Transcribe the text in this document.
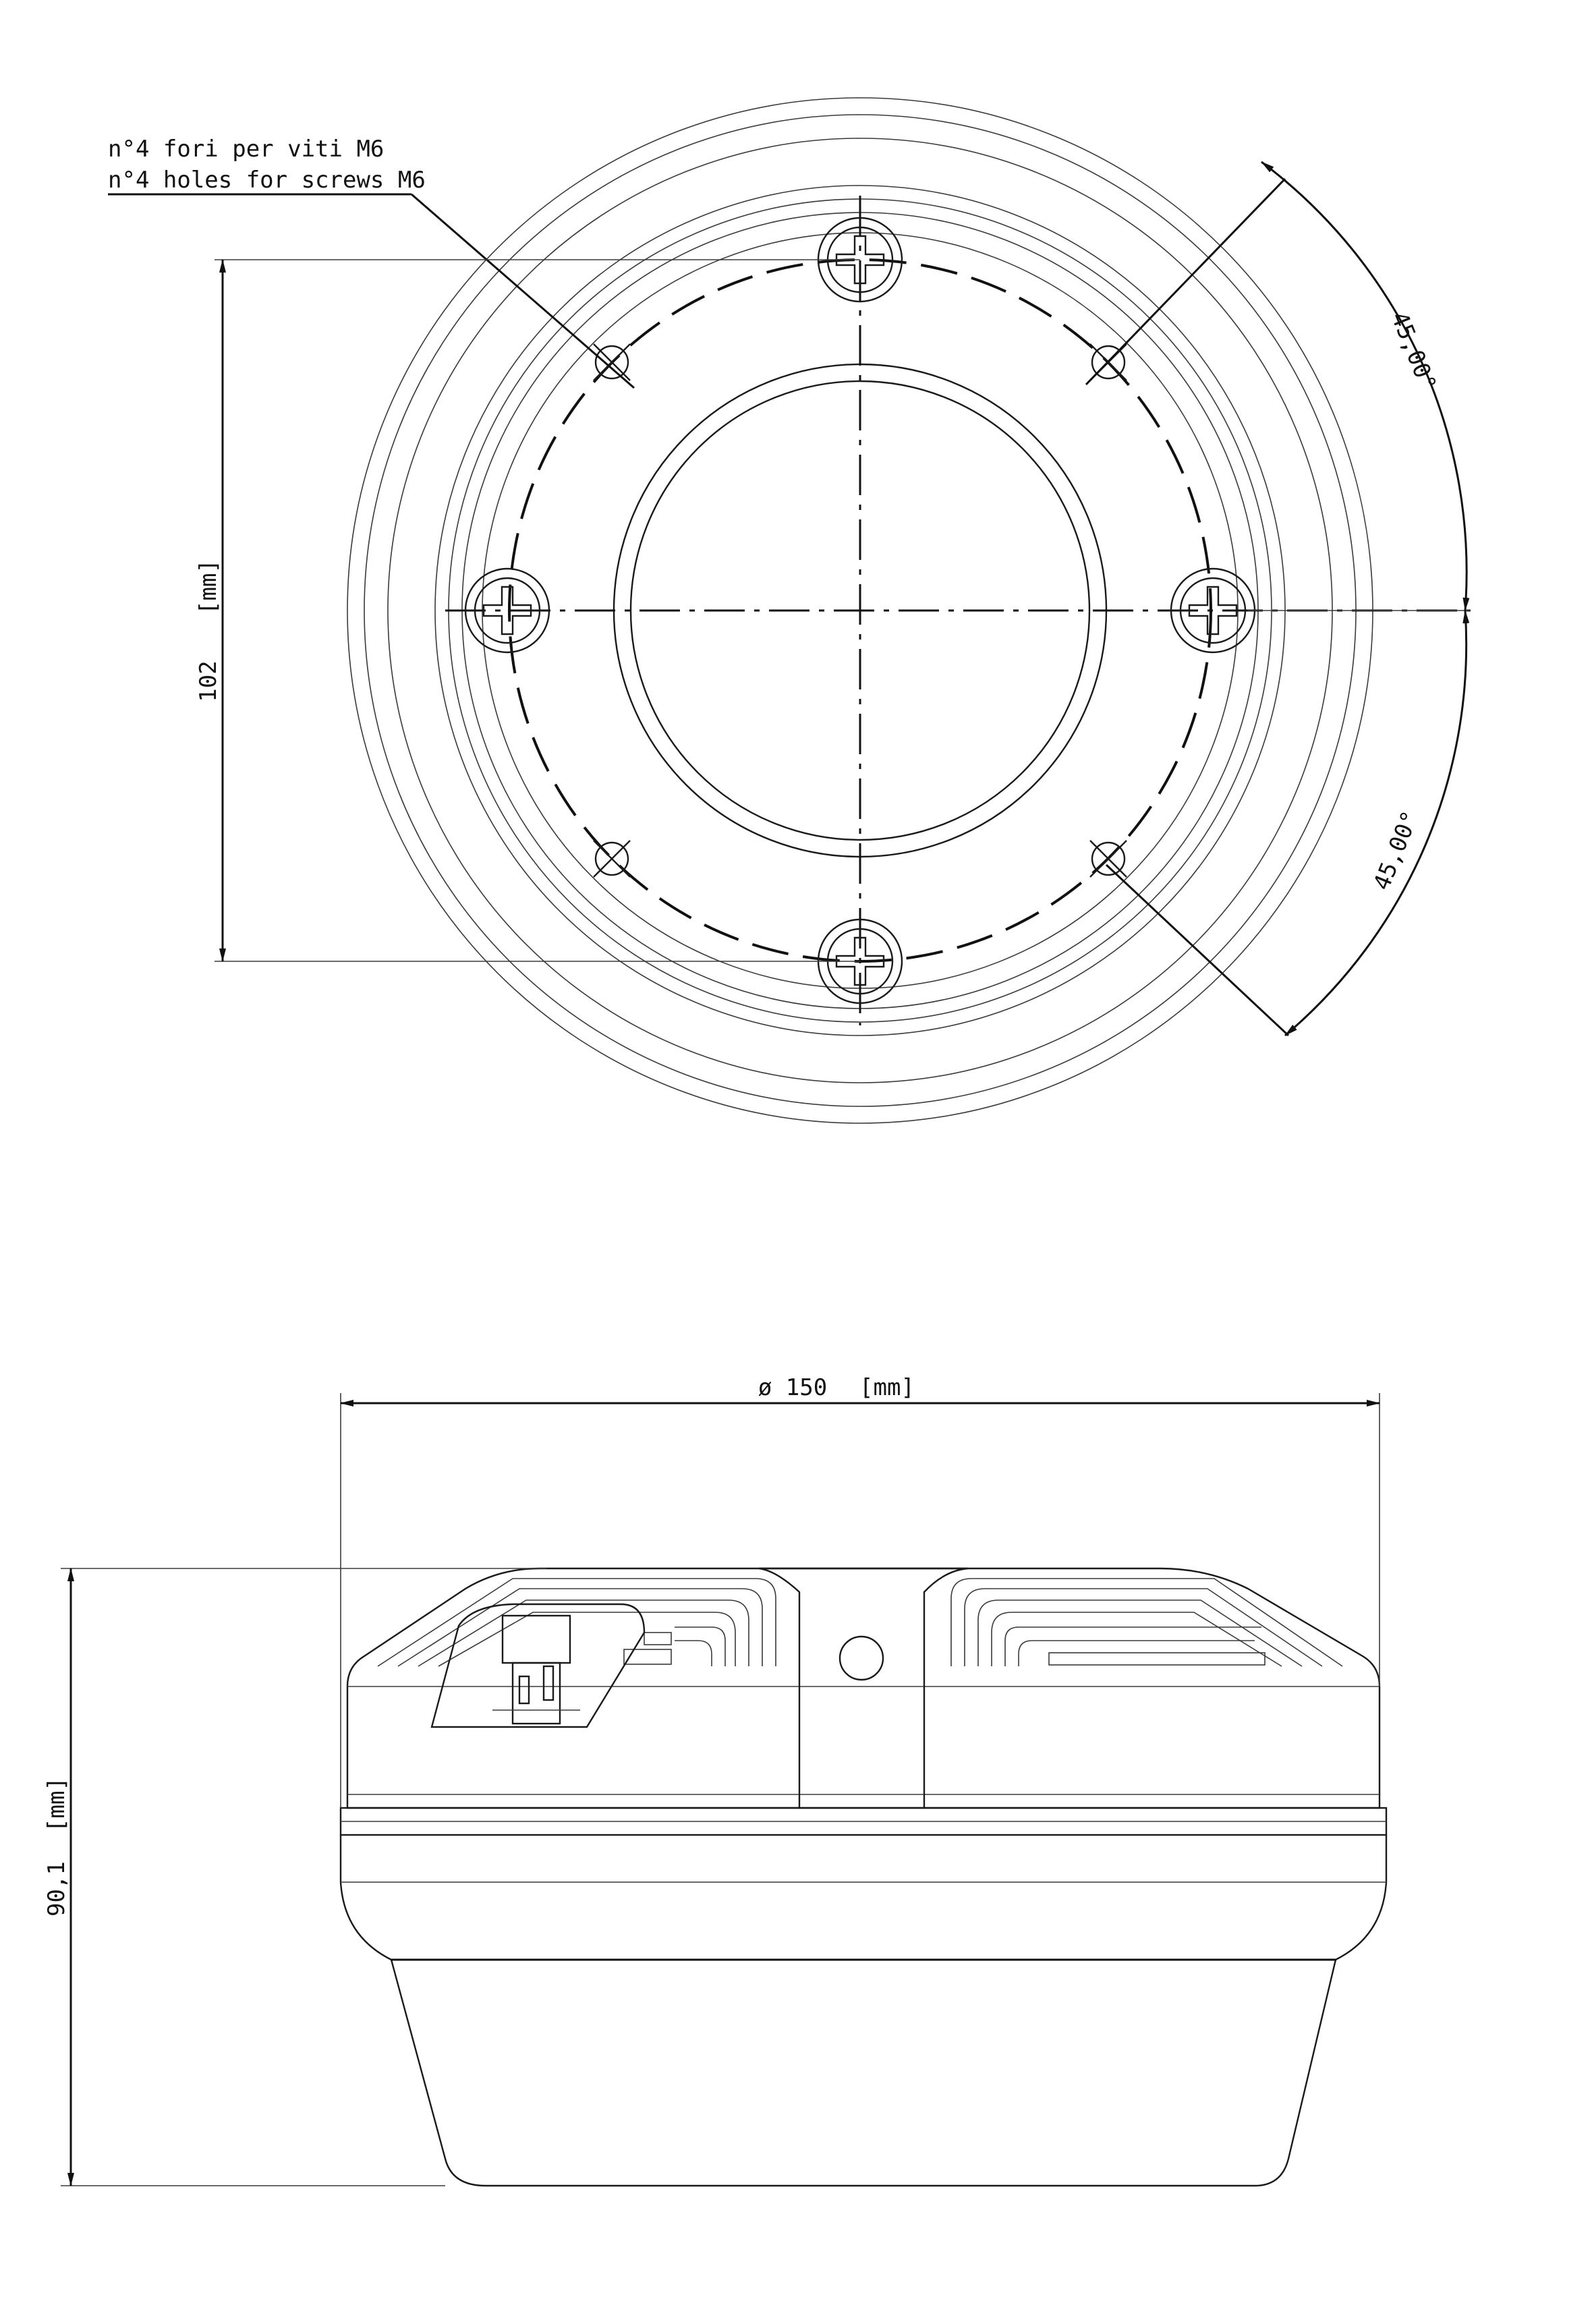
n°4 fori per viti M6
n°4 holes for screws M6
102
[mm]
45,00°
45,00°
ø 150 [mm]
90,1
[mm]
